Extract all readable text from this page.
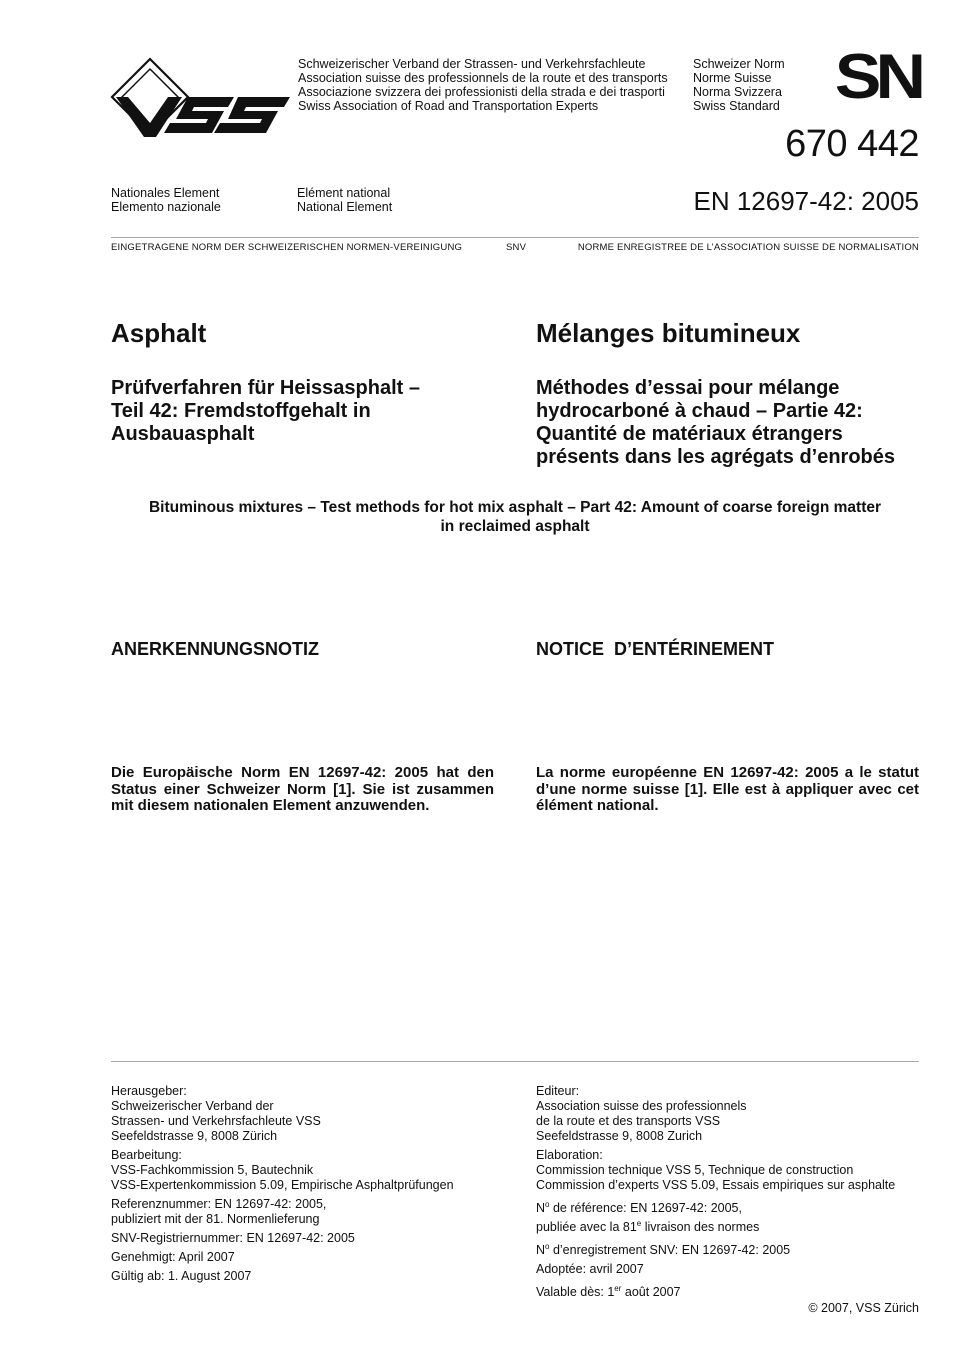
Schweizerischer Verband der Strassen- und Verkehrsfachleute
Association suisse des professionnels de la route et des transports
Associazione svizzera dei professionisti della strada e dei trasporti
Swiss Association of Road and Transportation Experts
Schweizer Norm
Norme Suisse
Norma Svizzera
Swiss Standard SN
670 442
Nationales Element
Elemento nazionale
Elément national
National Element	EN 12697-42: 2005
EINGETRAGENE NORM DER SCHWEIZERISCHEN NORMEN-VEREINIGUNG	SNV	NORME ENREGISTREE DE L’ASSOCIATION SUISSE DE NORMALISATION
Asphalt	Mélanges bitumineux
Prüfverfahren für Heissasphalt –
Teil 42: Fremdstoffgehalt in
Ausbauasphalt
Méthodes d’essai pour mélange
hydrocarboné à chaud – Partie 42:
Quantité de matériaux étrangers
présents dans les agrégats d’enrobés
Bituminous mixtures – Test methods for hot mix asphalt – Part 42: Amount of coarse foreign matter
in reclaimed asphalt
ANERKENNUNGSNOTIZ	NOTICE  D’ENTÉRINEMENT
Die Europäische Norm EN 12697-42: 2005 hat den Status einer Schweizer Norm [1]. Sie ist zusammen mit diesem nationalen Element anzuwenden.
La norme européenne EN 12697-42: 2005 a le statut d’une norme suisse [1]. Elle est à appliquer avec cet élément national.
Herausgeber:
Schweizerischer Verband der
Strassen- und Verkehrsfachleute VSS
Seefeldstrasse 9, 8008 Zürich
Bearbeitung:
VSS-Fachkommission 5, Bautechnik
VSS-Expertenkommission 5.09, Empirische Asphaltprüfungen
Referenznummer: EN 12697-42: 2005,
publiziert mit der 81. Normenlieferung
SNV-Registriernummer: EN 12697-42: 2005
Genehmigt: April 2007
Gültig ab: 1. August 2007
Editeur:
Association suisse des professionnels
de la route et des transports VSS
Seefeldstrasse 9, 8008 Zurich
Elaboration:
Commission technique VSS 5, Technique de construction
Commission d’experts VSS 5.09, Essais empiriques sur asphalte
$N^o$ de référence: EN 12697-42: 2005,
publiée avec la 81e livraison des normes
$N^o$ d’enregistrement SNV: EN 12697-42: 2005
Adoptée: avril 2007
Valable dès: 1er août 2007
© 2007, VSS Zürich
